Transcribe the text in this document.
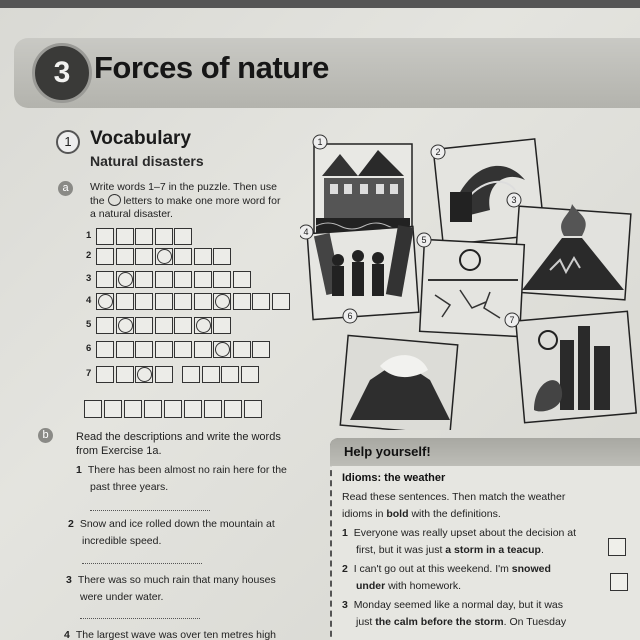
3 Forces of nature
1 Vocabulary
Natural disasters
a	Write words 1–7 in the puzzle. Then use
the letters to make one more word for
a natural disaster.
1
2
3
4
5
6
7
b	Read the descriptions and write the words
from Exercise 1a.
1 There has been almost no rain here for the
past three years.
2 Snow and ice rolled down the mountain at
incredible speed.
3 There was so much rain that many houses
were under water.
4 The largest wave was over ten metres high
1
2
3
4
5
6	7
Help yourself!
Idioms: the weather
Read these sentences. Then match the weather
idioms in bold with the definitions.
1 Everyone was really upset about the decision at
first, but it was just a storm in a teacup.
2 I can't go out at this weekend. I'm snowed
under with homework.
3 Monday seemed like a normal day, but it was
just the calm before the storm. On Tuesday
